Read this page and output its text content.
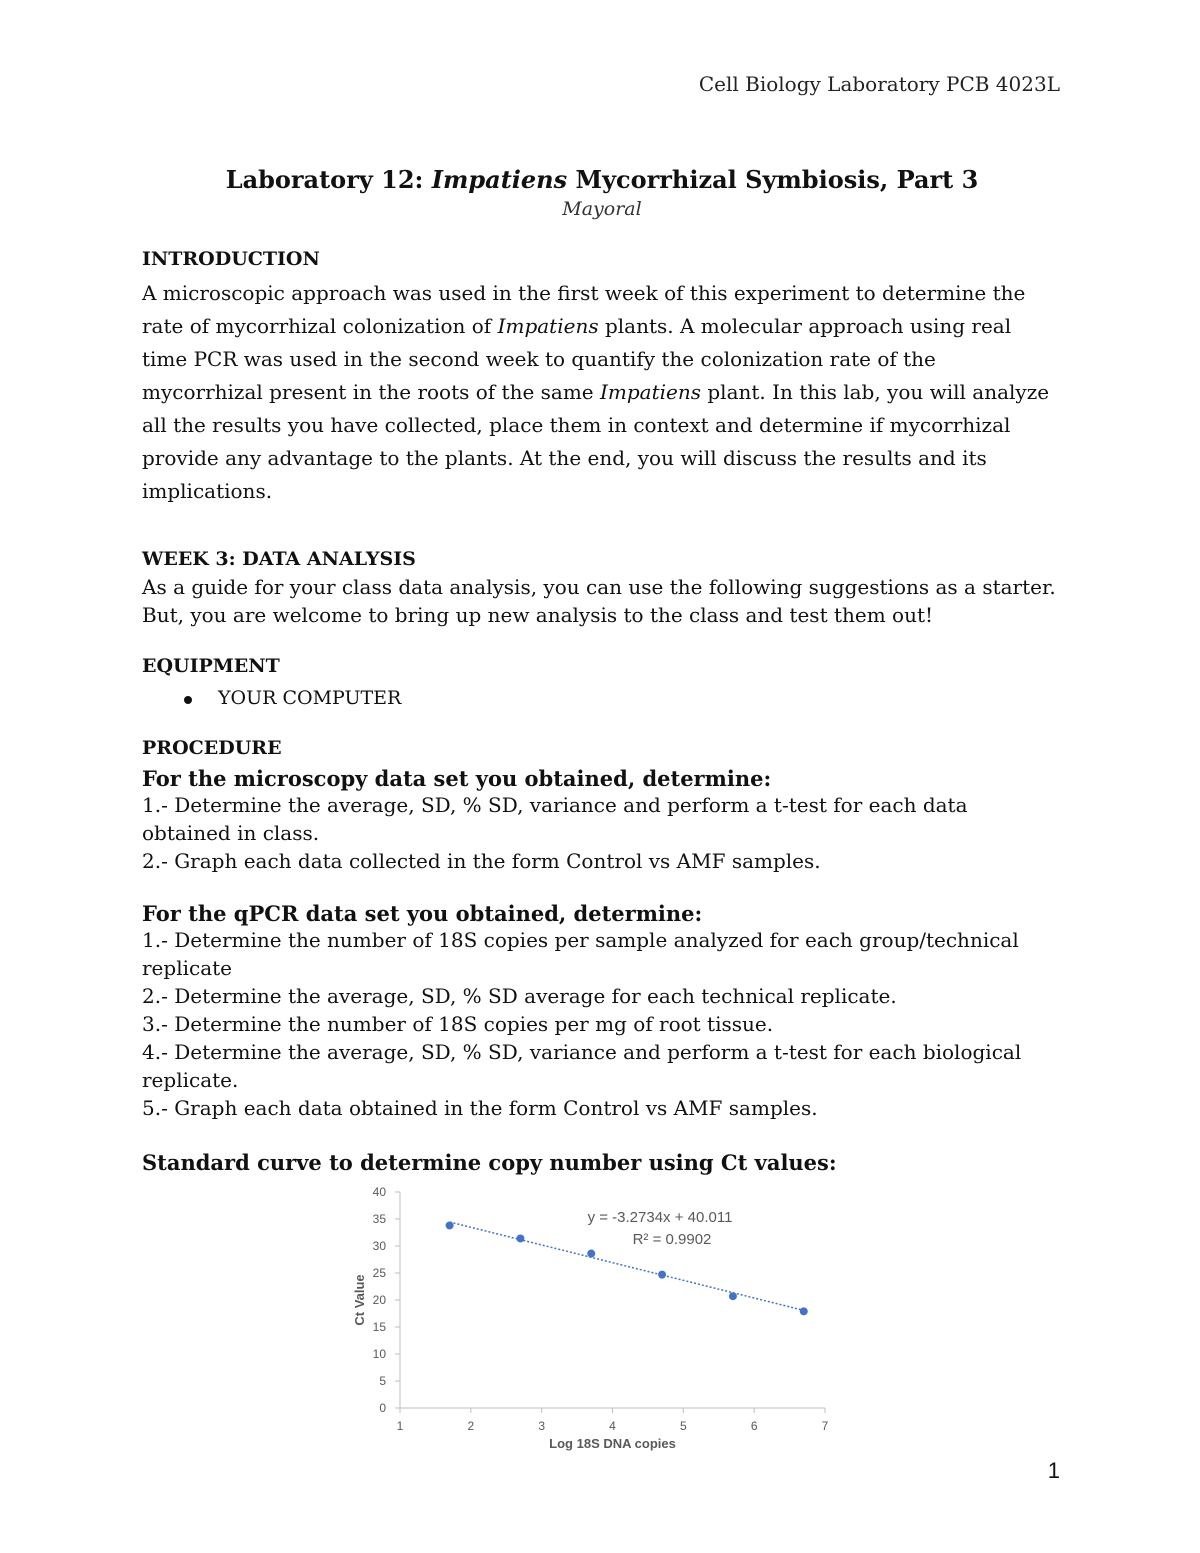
Cell Biology Laboratory PCB 4023L
Laboratory 12: Impatiens Mycorrhizal Symbiosis, Part 3
Mayoral
INTRODUCTION

A microscopic approach was used in the first week of this experiment to determine the rate of mycorrhizal colonization of Impatiens plants. A molecular approach using real time PCR was used in the second week to quantify the colonization rate of the mycorrhizal present in the roots of the same Impatiens plant. In this lab, you will analyze all the results you have collected, place them in context and determine if mycorrhizal provide any advantage to the plants. At the end, you will discuss the results and its implications.

WEEK 3: DATA ANALYSIS

As a guide for your class data analysis, you can use the following suggestions as a starter. But, you are welcome to bring up new analysis to the class and test them out!

EQUIPMENT
YOUR COMPUTER
PROCEDURE
For the microscopy data set you obtained, determine:
1.- Determine the average, SD, % SD, variance and perform a t-test for each data obtained in class.
2.- Graph each data collected in the form Control vs AMF samples.
For the qPCR data set you obtained, determine:
1.- Determine the number of 18S copies per sample analyzed for each group/technical replicate
2.- Determine the average, SD, % SD average for each technical replicate.
3.- Determine the number of 18S copies per mg of root tissue.
4.- Determine the average, SD, % SD, variance and perform a t-test for each biological replicate.
5.- Graph each data obtained in the form Control vs AMF samples.
Standard curve to determine copy number using Ct values:
0
5
10
15
20
25
30
35
40
1	2	3	4	5	6	7
Log 18S DNA copies
Ct Value
y = -3.2734x + 40.011
R² = 0.9902
1
